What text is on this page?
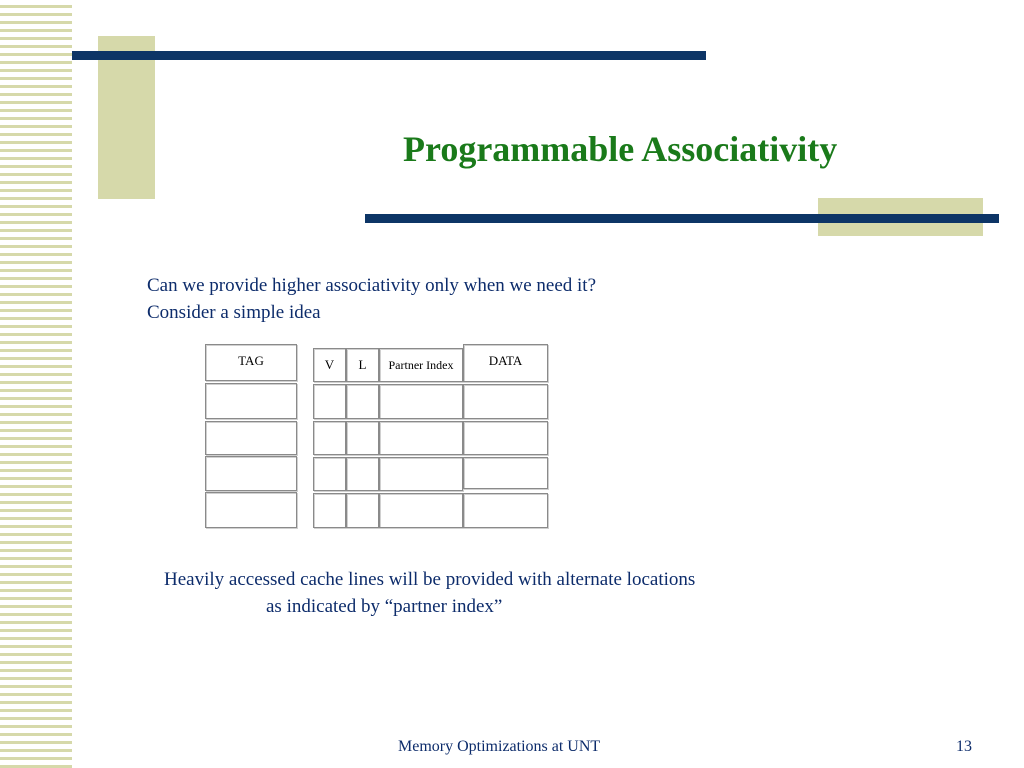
Programmable Associativity
Can we provide higher associativity only when we need it?
Consider a simple idea
TAG	V	L	Partner Index	DATA
Heavily accessed cache lines will be provided with alternate locations
as indicated by “partner index”
Memory Optimizations at UNT	13
